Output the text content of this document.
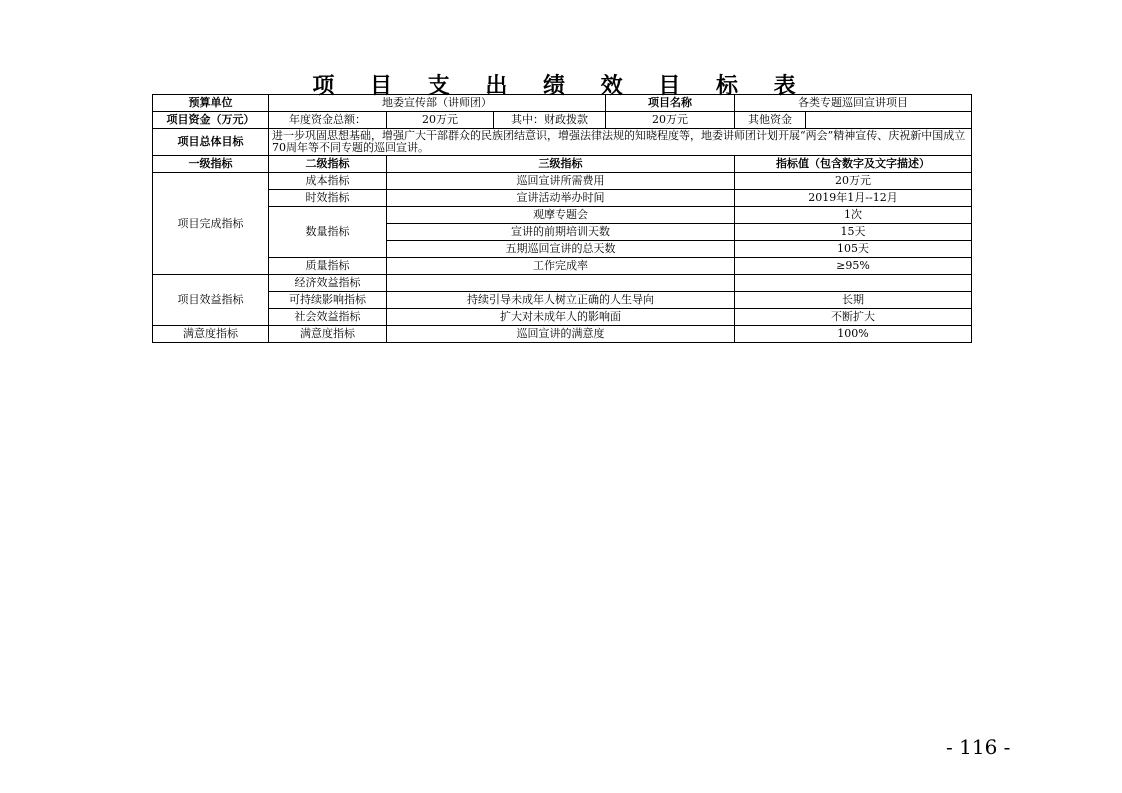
项 目 支 出 绩 效 目 标 表
预算单位	地委宣传部（讲师团）			项目名称	各类专题巡回宣讲项目	
项目资金（万元）	年度资金总额：	20万元	其中：财政拨款	20万元	其他资金	
项目总体目标	进一步巩固思想基础，增强广大干部群众的民族团结意识，增强法律法规的知晓程度等，地委讲师团计划开展“两会”精神宣传、庆祝新中国成立70周年等不同专题的巡回宣讲。					
一级指标	二级指标	三级指标			指标值（包含数字及文字描述）	
项目完成指标	成本指标	巡回宣讲所需费用			20万元	
	时效指标	宣讲活动举办时间			2019年1月--12月	
	数量指标	观摩专题会			1次	
		宣讲的前期培训天数			15天	
		五期巡回宣讲的总天数			105天	
	质量指标	工作完成率			≥95%	
项目效益指标	经济效益指标					
	可持续影响指标	持续引导未成年人树立正确的人生导向			长期	
	社会效益指标	扩大对未成年人的影响面			不断扩大	
满意度指标	满意度指标	巡回宣讲的满意度			100%	
- 116 -
